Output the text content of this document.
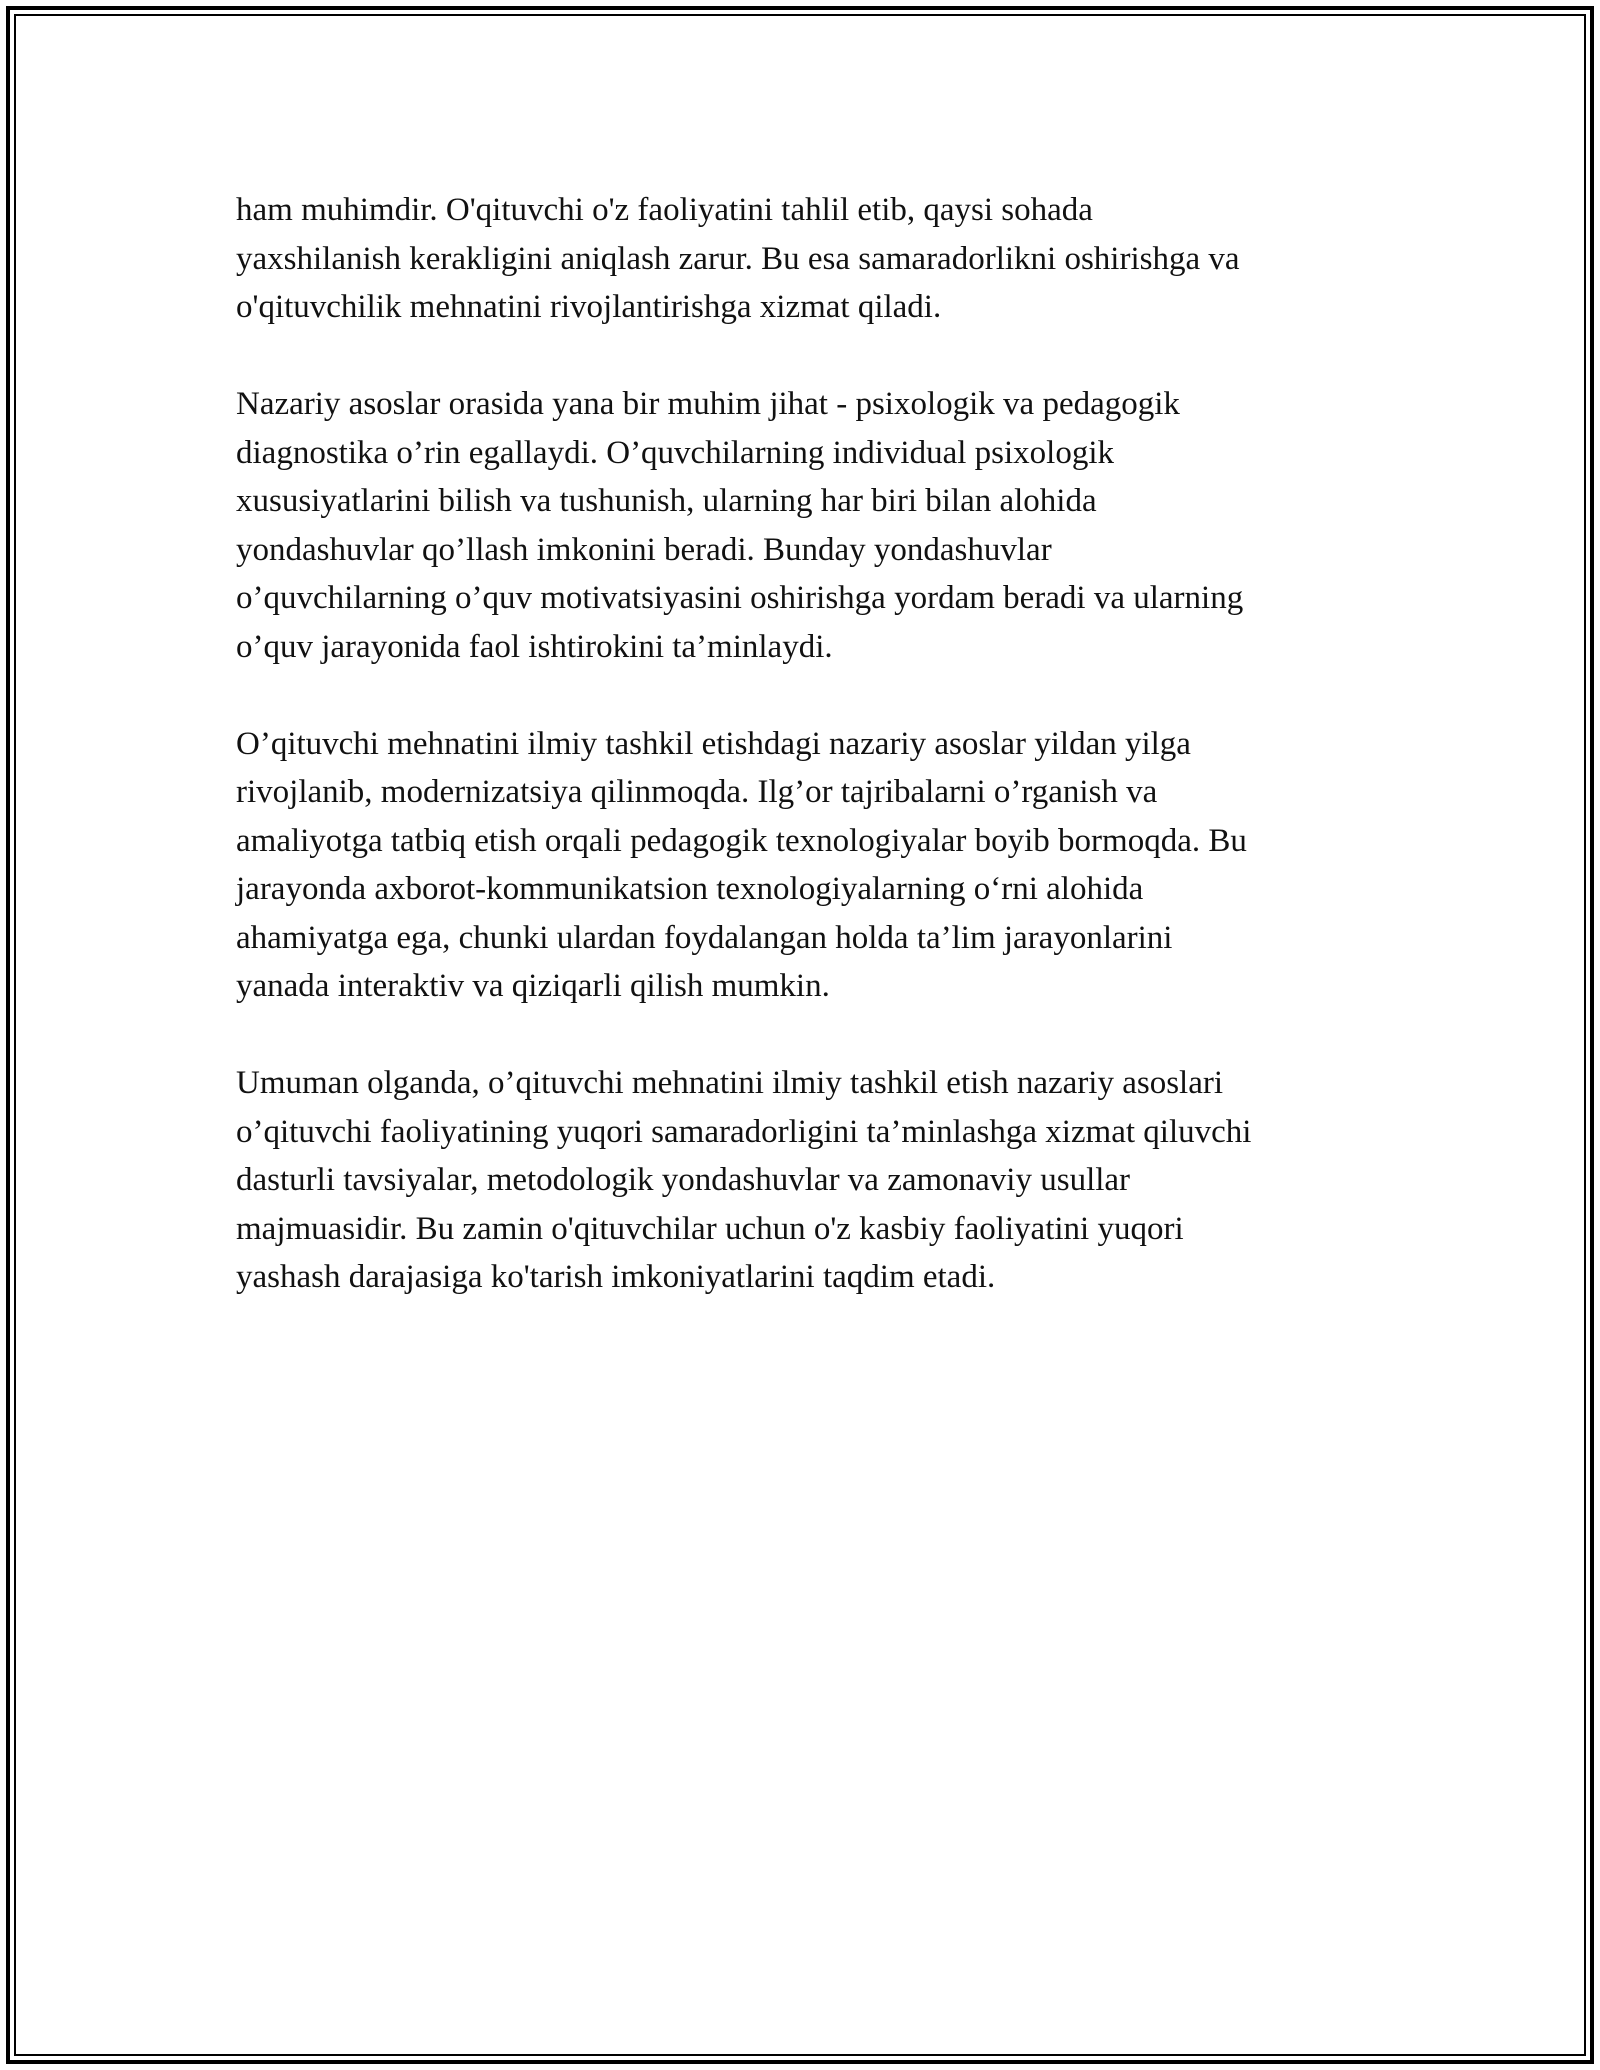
ham muhimdir. O'qituvchi o'z faoliyatini tahlil etib, qaysi sohada
yaxshilanish kerakligini aniqlash zarur. Bu esa samaradorlikni oshirishga va
o'qituvchilik mehnatini rivojlantirishga xizmat qiladi.

Nazariy asoslar orasida yana bir muhim jihat - psixologik va pedagogik
diagnostika o’rin egallaydi. O’quvchilarning individual psixologik
xususiyatlarini bilish va tushunish, ularning har biri bilan alohida
yondashuvlar qo’llash imkonini beradi. Bunday yondashuvlar
o’quvchilarning o’quv motivatsiyasini oshirishga yordam beradi va ularning
o’quv jarayonida faol ishtirokini ta’minlaydi.

O’qituvchi mehnatini ilmiy tashkil etishdagi nazariy asoslar yildan yilga
rivojlanib, modernizatsiya qilinmoqda. Ilg’or tajribalarni o’rganish va
amaliyotga tatbiq etish orqali pedagogik texnologiyalar boyib bormoqda. Bu
jarayonda axborot-kommunikatsion texnologiyalarning o‘rni alohida
ahamiyatga ega, chunki ulardan foydalangan holda ta’lim jarayonlarini
yanada interaktiv va qiziqarli qilish mumkin.

Umuman olganda, o’qituvchi mehnatini ilmiy tashkil etish nazariy asoslari
o’qituvchi faoliyatining yuqori samaradorligini ta’minlashga xizmat qiluvchi
dasturli tavsiyalar, metodologik yondashuvlar va zamonaviy usullar
majmuasidir. Bu zamin o'qituvchilar uchun o'z kasbiy faoliyatini yuqori
yashash darajasiga ko'tarish imkoniyatlarini taqdim etadi.
